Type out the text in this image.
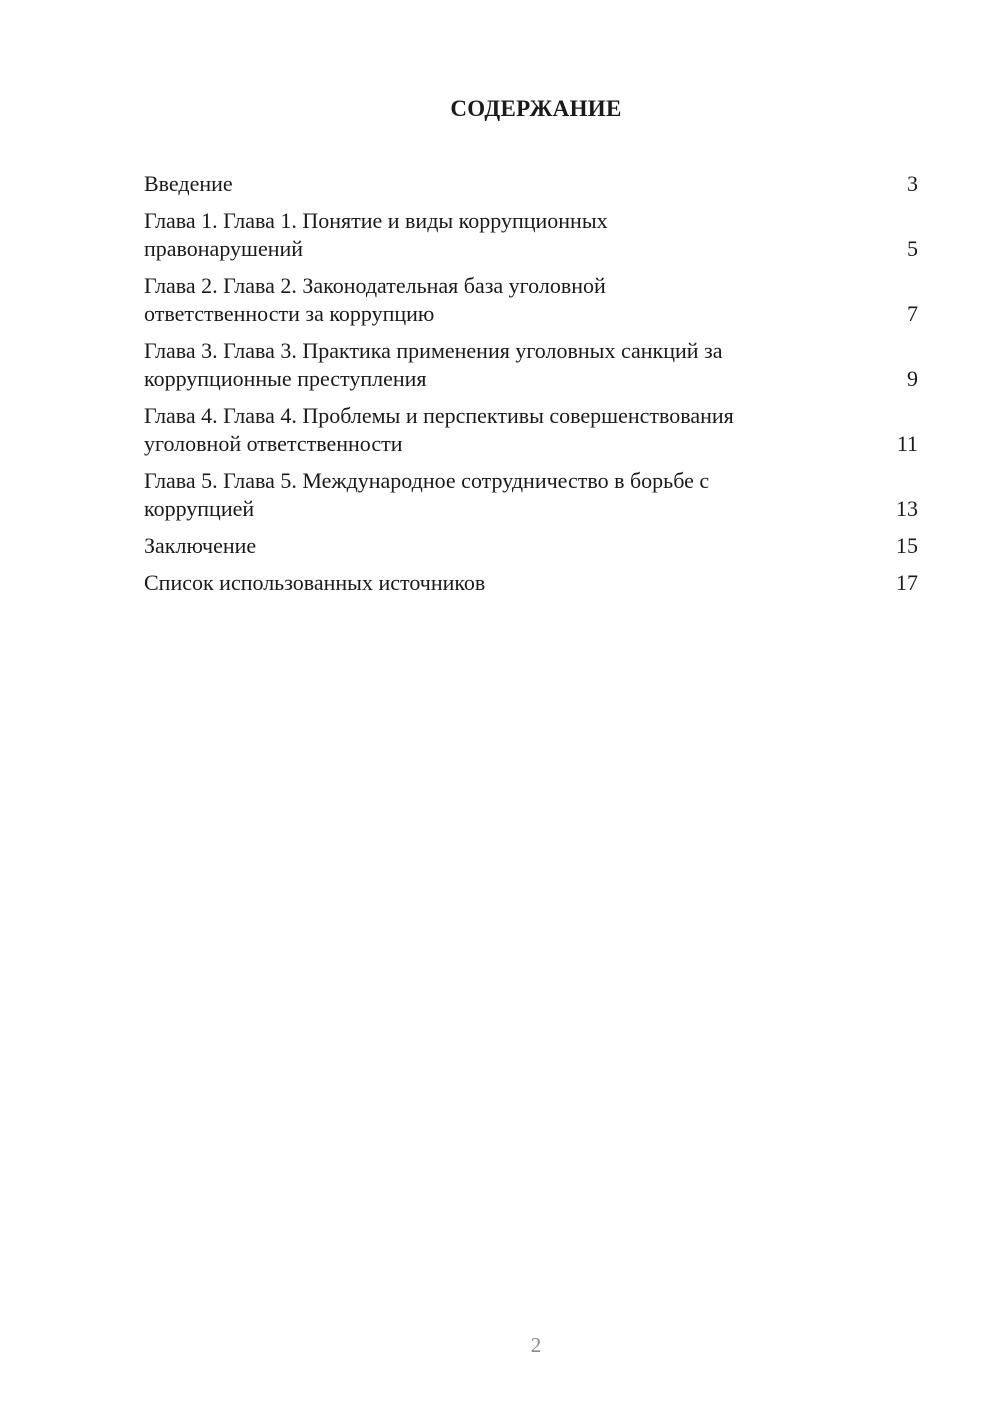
СОДЕРЖАНИЕ
Введение	3
Глава 1. Глава 1. Понятие и виды коррупционных
правонарушений	5
Глава 2. Глава 2. Законодательная база уголовной
ответственности за коррупцию	7
Глава 3. Глава 3. Практика применения уголовных санкций за
коррупционные преступления	9
Глава 4. Глава 4. Проблемы и перспективы совершенствования
уголовной ответственности	11
Глава 5. Глава 5. Международное сотрудничество в борьбе с
коррупцией	13
Заключение	15
Список использованных источников	17
2
